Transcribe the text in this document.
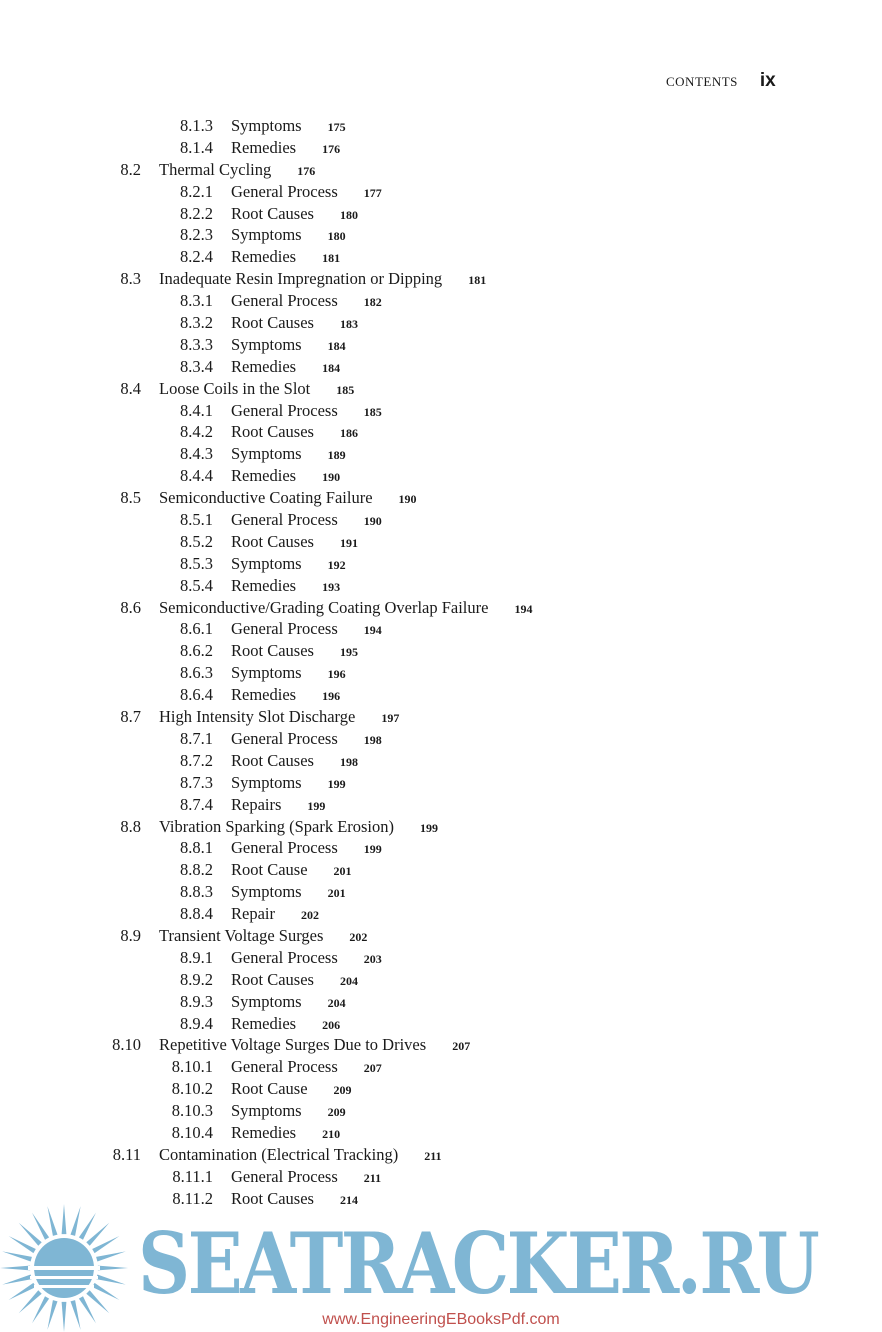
CONTENTS ix
8.1.3 Symptoms 175
8.1.4 Remedies 176
8.2 Thermal Cycling 176
8.2.1 General Process 177
8.2.2 Root Causes 180
8.2.3 Symptoms 180
8.2.4 Remedies 181
8.3 Inadequate Resin Impregnation or Dipping 181
8.3.1 General Process 182
8.3.2 Root Causes 183
8.3.3 Symptoms 184
8.3.4 Remedies 184
8.4 Loose Coils in the Slot 185
8.4.1 General Process 185
8.4.2 Root Causes 186
8.4.3 Symptoms 189
8.4.4 Remedies 190
8.5 Semiconductive Coating Failure 190
8.5.1 General Process 190
8.5.2 Root Causes 191
8.5.3 Symptoms 192
8.5.4 Remedies 193
8.6 Semiconductive/Grading Coating Overlap Failure 194
8.6.1 General Process 194
8.6.2 Root Causes 195
8.6.3 Symptoms 196
8.6.4 Remedies 196
8.7 High Intensity Slot Discharge 197
8.7.1 General Process 198
8.7.2 Root Causes 198
8.7.3 Symptoms 199
8.7.4 Repairs 199
8.8 Vibration Sparking (Spark Erosion) 199
8.8.1 General Process 199
8.8.2 Root Cause 201
8.8.3 Symptoms 201
8.8.4 Repair 202
8.9 Transient Voltage Surges 202
8.9.1 General Process 203
8.9.2 Root Causes 204
8.9.3 Symptoms 204
8.9.4 Remedies 206
8.10 Repetitive Voltage Surges Due to Drives 207
8.10.1 General Process 207
8.10.2 Root Cause 209
8.10.3 Symptoms 209
8.10.4 Remedies 210
8.11 Contamination (Electrical Tracking) 211
8.11.1 General Process 211
8.11.2 Root Causes 214
SEATRACKER.RU
www.EngineeringEBooksPdf.com
